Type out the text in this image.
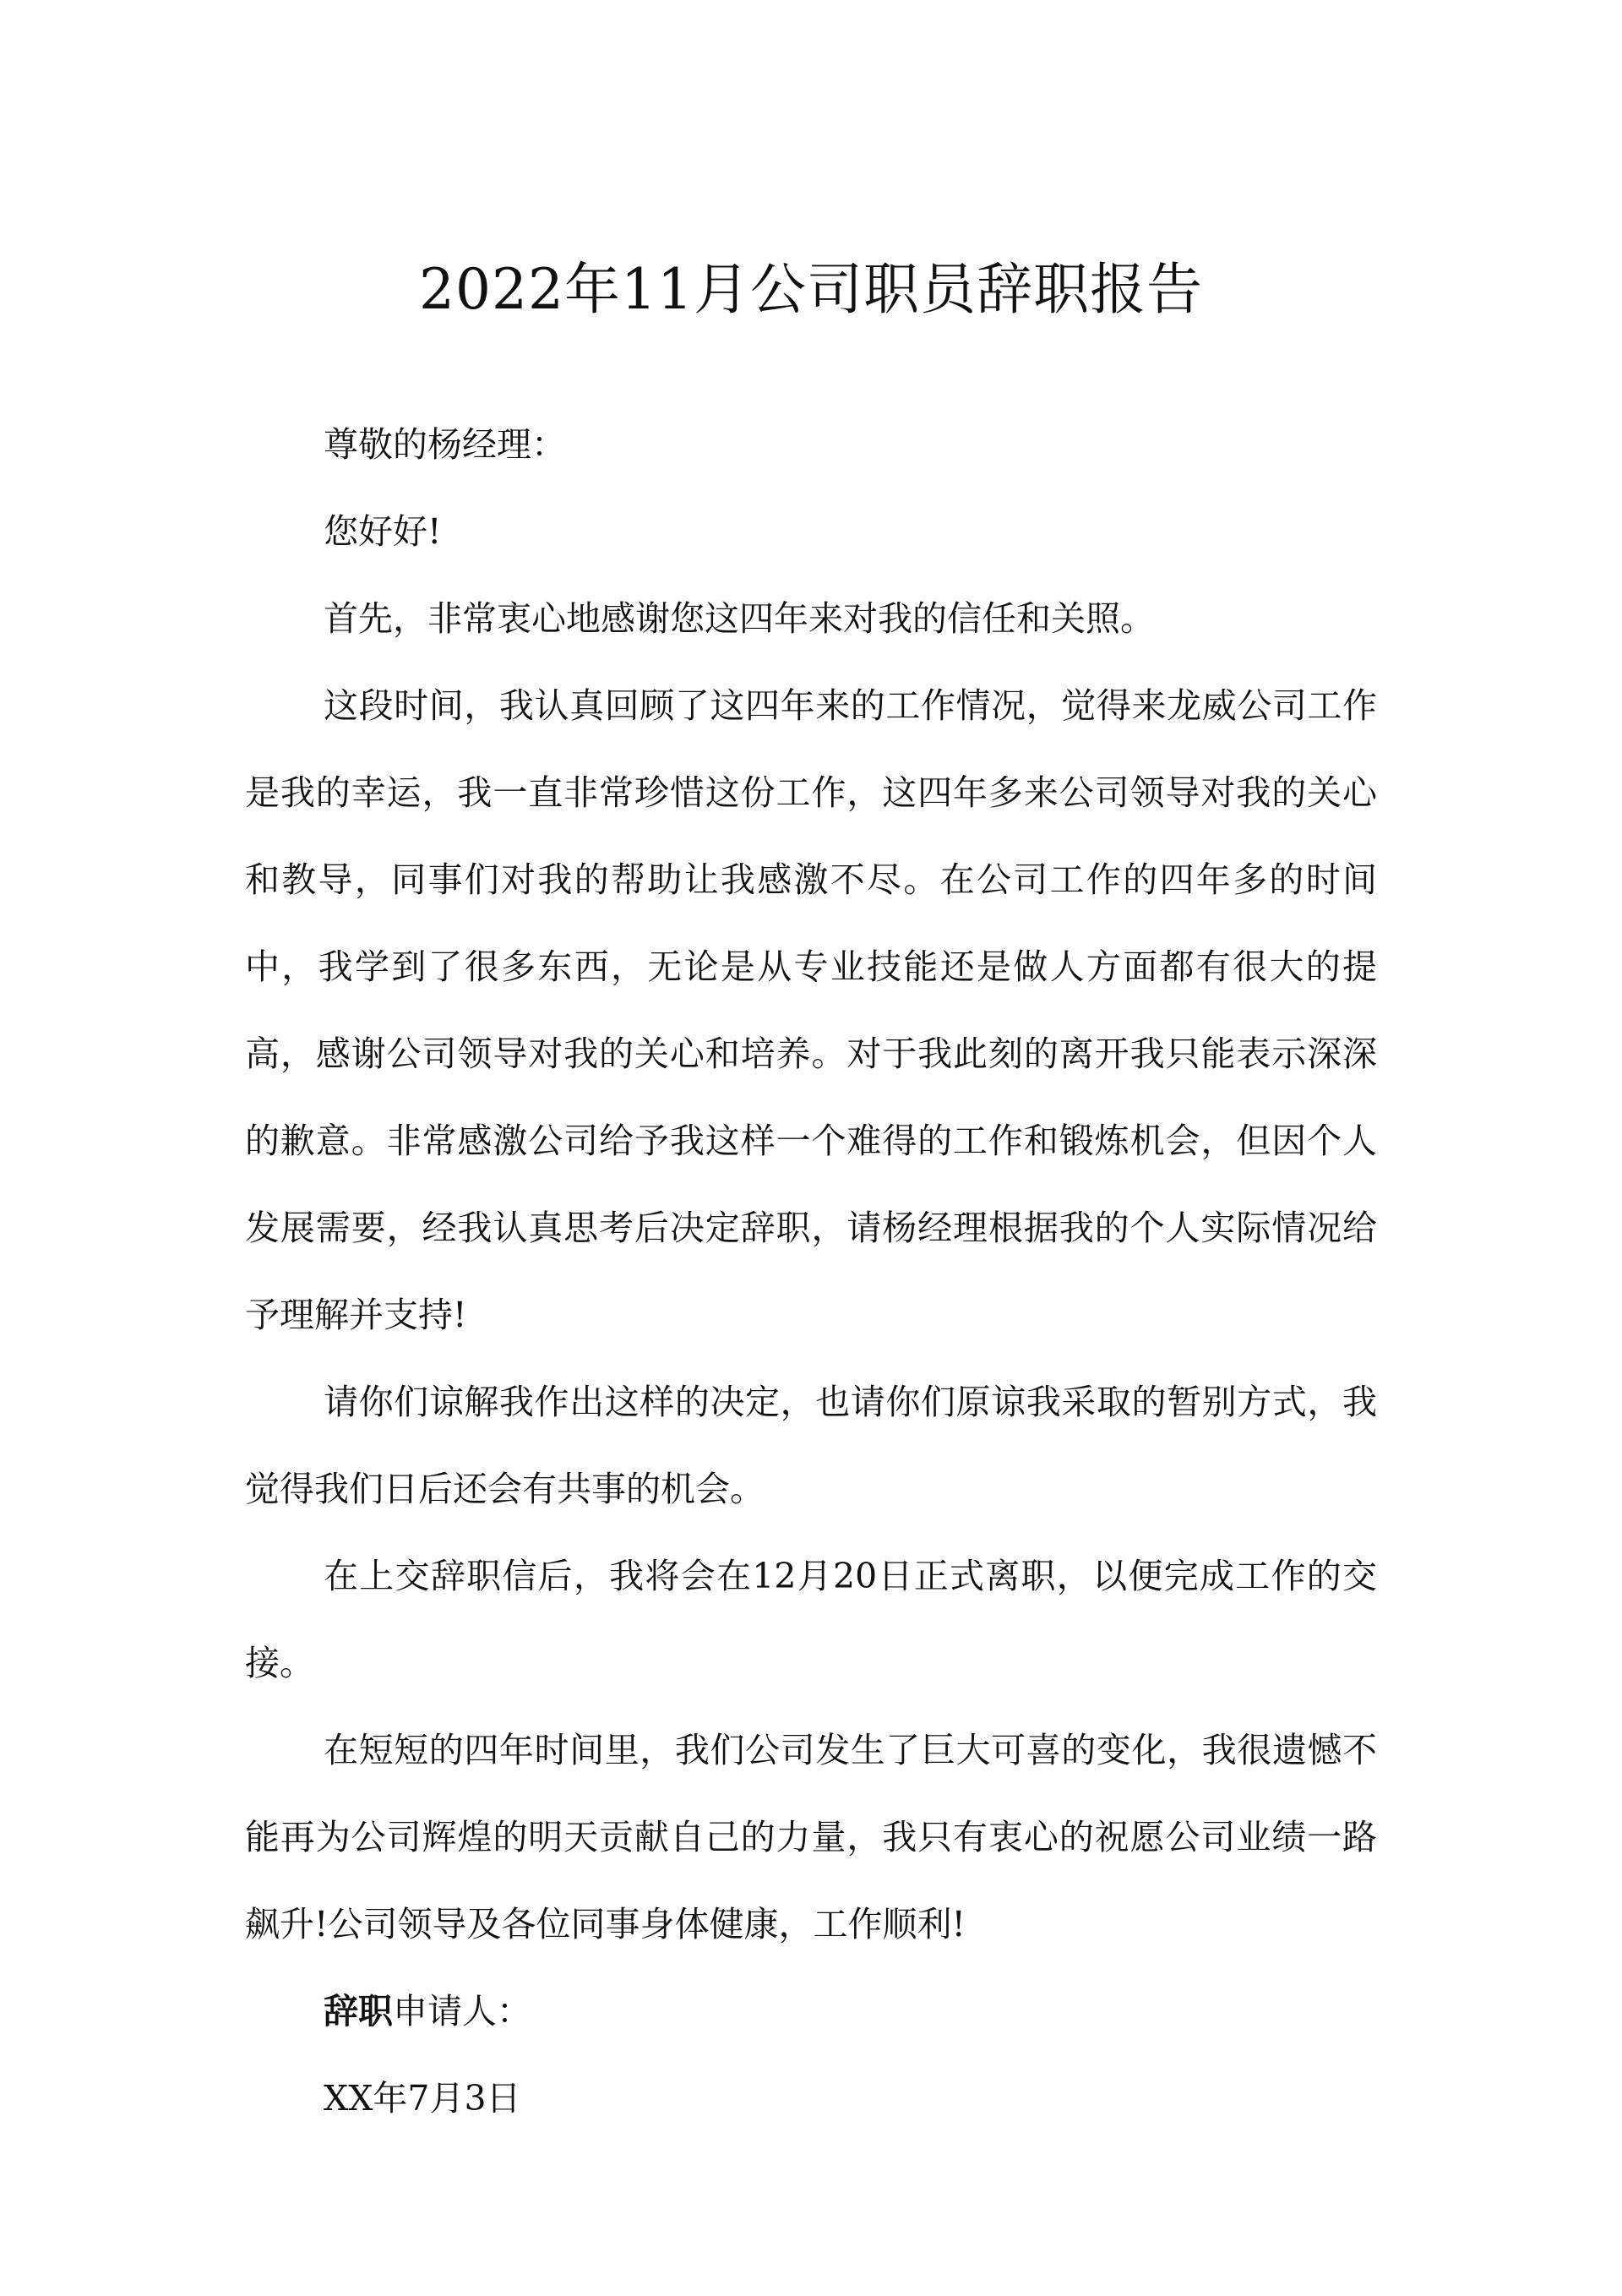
2022年11月公司职员辞职报告

尊敬的杨经理：

您好好!

首先，非常衷心地感谢您这四年来对我的信任和关照。

这段时间，我认真回顾了这四年来的工作情况，觉得来龙威公司工作是我的幸运，我一直非常珍惜这份工作，这四年多来公司领导对我的关心和教导，同事们对我的帮助让我感激不尽。在公司工作的四年多的时间中，我学到了很多东西，无论是从专业技能还是做人方面都有很大的提高，感谢公司领导对我的关心和培养。对于我此刻的离开我只能表示深深的歉意。非常感激公司给予我这样一个难得的工作和锻炼机会，但因个人发展需要，经我认真思考后决定辞职，请杨经理根据我的个人实际情况给予理解并支持!

请你们谅解我作出这样的决定，也请你们原谅我采取的暂别方式，我觉得我们日后还会有共事的机会。

在上交辞职信后，我将会在12月20日正式离职，以便完成工作的交接。

在短短的四年时间里，我们公司发生了巨大可喜的变化，我很遗憾不能再为公司辉煌的明天贡献自己的力量，我只有衷心的祝愿公司业绩一路飙升!公司领导及各位同事身体健康，工作顺利!

辞职申请人：

XX年7月3日
